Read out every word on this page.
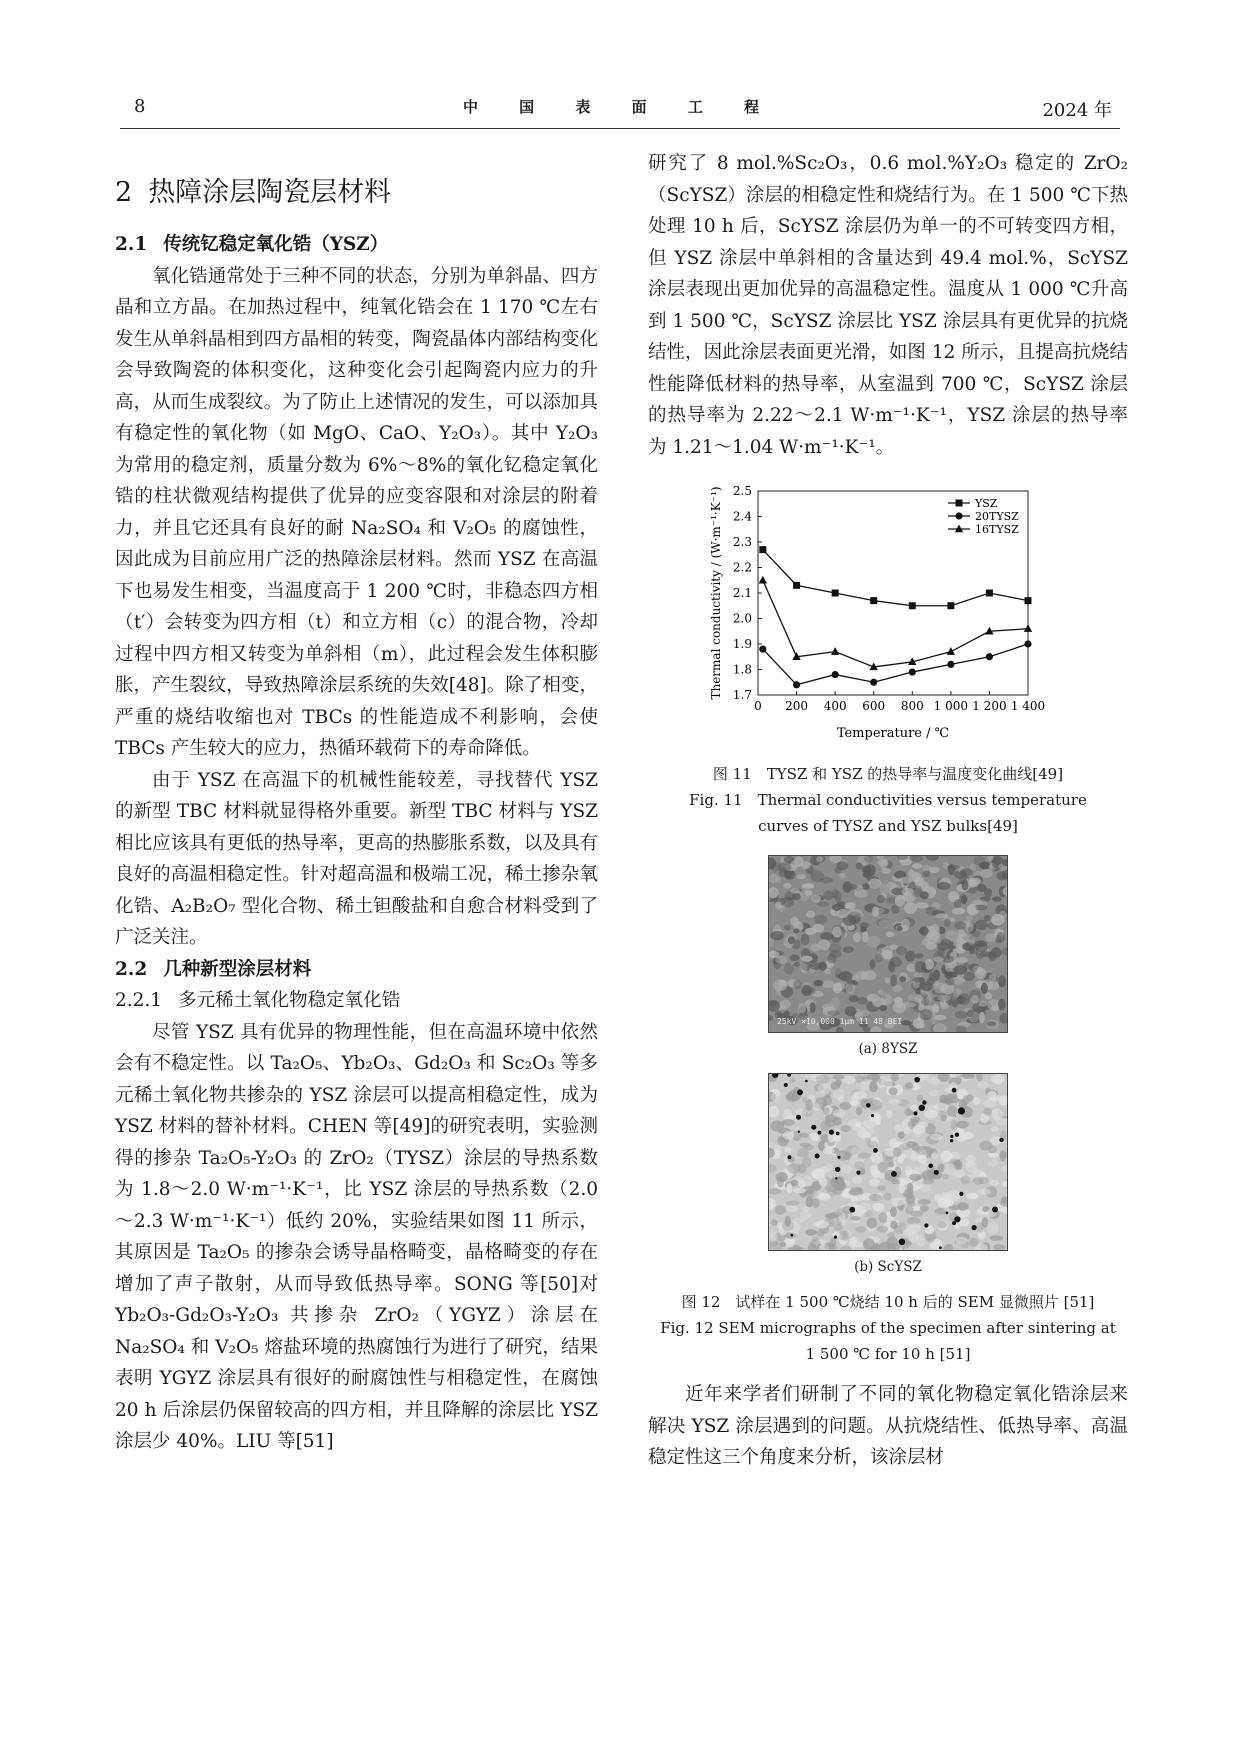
8	中 国 表 面 工 程	2024 年
2 热障涂层陶瓷层材料
2.1 传统钇稳定氧化锆（YSZ）

氧化锆通常处于三种不同的状态，分别为单斜晶、四方晶和立方晶。在加热过程中，纯氧化锆会在 1 170 ℃左右发生从单斜晶相到四方晶相的转变，陶瓷晶体内部结构变化会导致陶瓷的体积变化，这种变化会引起陶瓷内应力的升高，从而生成裂纹。为了防止上述情况的发生，可以添加具有稳定性的氧化物（如 MgO、CaO、Y₂O₃）。其中 Y₂O₃ 为常用的稳定剂，质量分数为 6%～8%的氧化钇稳定氧化锆的柱状微观结构提供了优异的应变容限和对涂层的附着力，并且它还具有良好的耐 Na₂SO₄ 和 V₂O₅ 的腐蚀性，因此成为目前应用广泛的热障涂层材料。然而 YSZ 在高温下也易发生相变，当温度高于 1 200 ℃时，非稳态四方相（t′）会转变为四方相（t）和立方相（c）的混合物，冷却过程中四方相又转变为单斜相（m），此过程会发生体积膨胀，产生裂纹，导致热障涂层系统的失效[48]。除了相变，严重的烧结收缩也对 TBCs 的性能造成不利影响，会使 TBCs 产生较大的应力，热循环载荷下的寿命降低。

由于 YSZ 在高温下的机械性能较差，寻找替代 YSZ 的新型 TBC 材料就显得格外重要。新型 TBC 材料与 YSZ 相比应该具有更低的热导率，更高的热膨胀系数，以及具有良好的高温相稳定性。针对超高温和极端工况，稀土掺杂氧化锆、A₂B₂O₇ 型化合物、稀土钽酸盐和自愈合材料受到了广泛关注。

2.2 几种新型涂层材料
2.2.1 多元稀土氧化物稳定氧化锆

尽管 YSZ 具有优异的物理性能，但在高温环境中依然会有不稳定性。以 Ta₂O₅、Yb₂O₃、Gd₂O₃ 和 Sc₂O₃ 等多元稀土氧化物共掺杂的 YSZ 涂层可以提高相稳定性，成为 YSZ 材料的替补材料。CHEN 等[49]的研究表明，实验测得的掺杂 Ta₂O₅-Y₂O₃ 的 ZrO₂（TYSZ）涂层的导热系数为 1.8～2.0 W·m⁻¹·K⁻¹，比 YSZ 涂层的导热系数（2.0 ～2.3 W·m⁻¹·K⁻¹）低约 20%，实验结果如图 11 所示，其原因是 Ta₂O₅ 的掺杂会诱导晶格畸变，晶格畸变的存在增加了声子散射，从而导致低热导率。SONG 等[50]对 Yb₂O₃-Gd₂O₃-Y₂O₃ 共掺杂 ZrO₂（YGYZ）涂层在 Na₂SO₄ 和 V₂O₅ 熔盐环境的热腐蚀行为进行了研究，结果表明 YGYZ 涂层具有很好的耐腐蚀性与相稳定性，在腐蚀 20 h 后涂层仍保留较高的四方相，并且降解的涂层比 YSZ 涂层少 40%。LIU 等[51]

研究了 8 mol.%Sc₂O₃，0.6 mol.%Y₂O₃ 稳定的 ZrO₂（ScYSZ）涂层的相稳定性和烧结行为。在 1 500 ℃下热处理 10 h 后，ScYSZ 涂层仍为单一的不可转变四方相，但 YSZ 涂层中单斜相的含量达到 49.4 mol.%，ScYSZ 涂层表现出更加优异的高温稳定性。温度从 1 000 ℃升高到 1 500 ℃，ScYSZ 涂层比 YSZ 涂层具有更优异的抗烧结性，因此涂层表面更光滑，如图 12 所示，且提高抗烧结性能降低材料的热导率，从室温到 700 ℃，ScYSZ 涂层的热导率为 2.22～2.1 W·m⁻¹·K⁻¹，YSZ 涂层的热导率为 1.21～1.04 W·m⁻¹·K⁻¹。

0 200 400 600 800 1 000 1 200 1 400
1.7
1.8
1.9
2.0
2.1
2.2
2.3
2.4
2.5
Temperature / ℃
Thermal conductivity / (W·m⁻¹·K⁻¹)	YSZ
20TYSZ
16TYSZ
图 11　TYSZ 和 YSZ 的热导率与温度变化曲线[49]
Fig. 11　Thermal conductivities versus temperature
curves of TYSZ and YSZ bulks[49]
25kV ×10,000 1μm 11 48 BEI
(a) 8YSZ
(b) ScYSZ
图 12　试样在 1 500 ℃烧结 10 h 后的 SEM 显微照片 [51]
Fig. 12 SEM micrographs of the specimen after sintering at
1 500 ℃ for 10 h [51]

近年来学者们研制了不同的氧化物稳定氧化锆涂层来解决 YSZ 涂层遇到的问题。从抗烧结性、低热导率、高温稳定性这三个角度来分析，该涂层材
